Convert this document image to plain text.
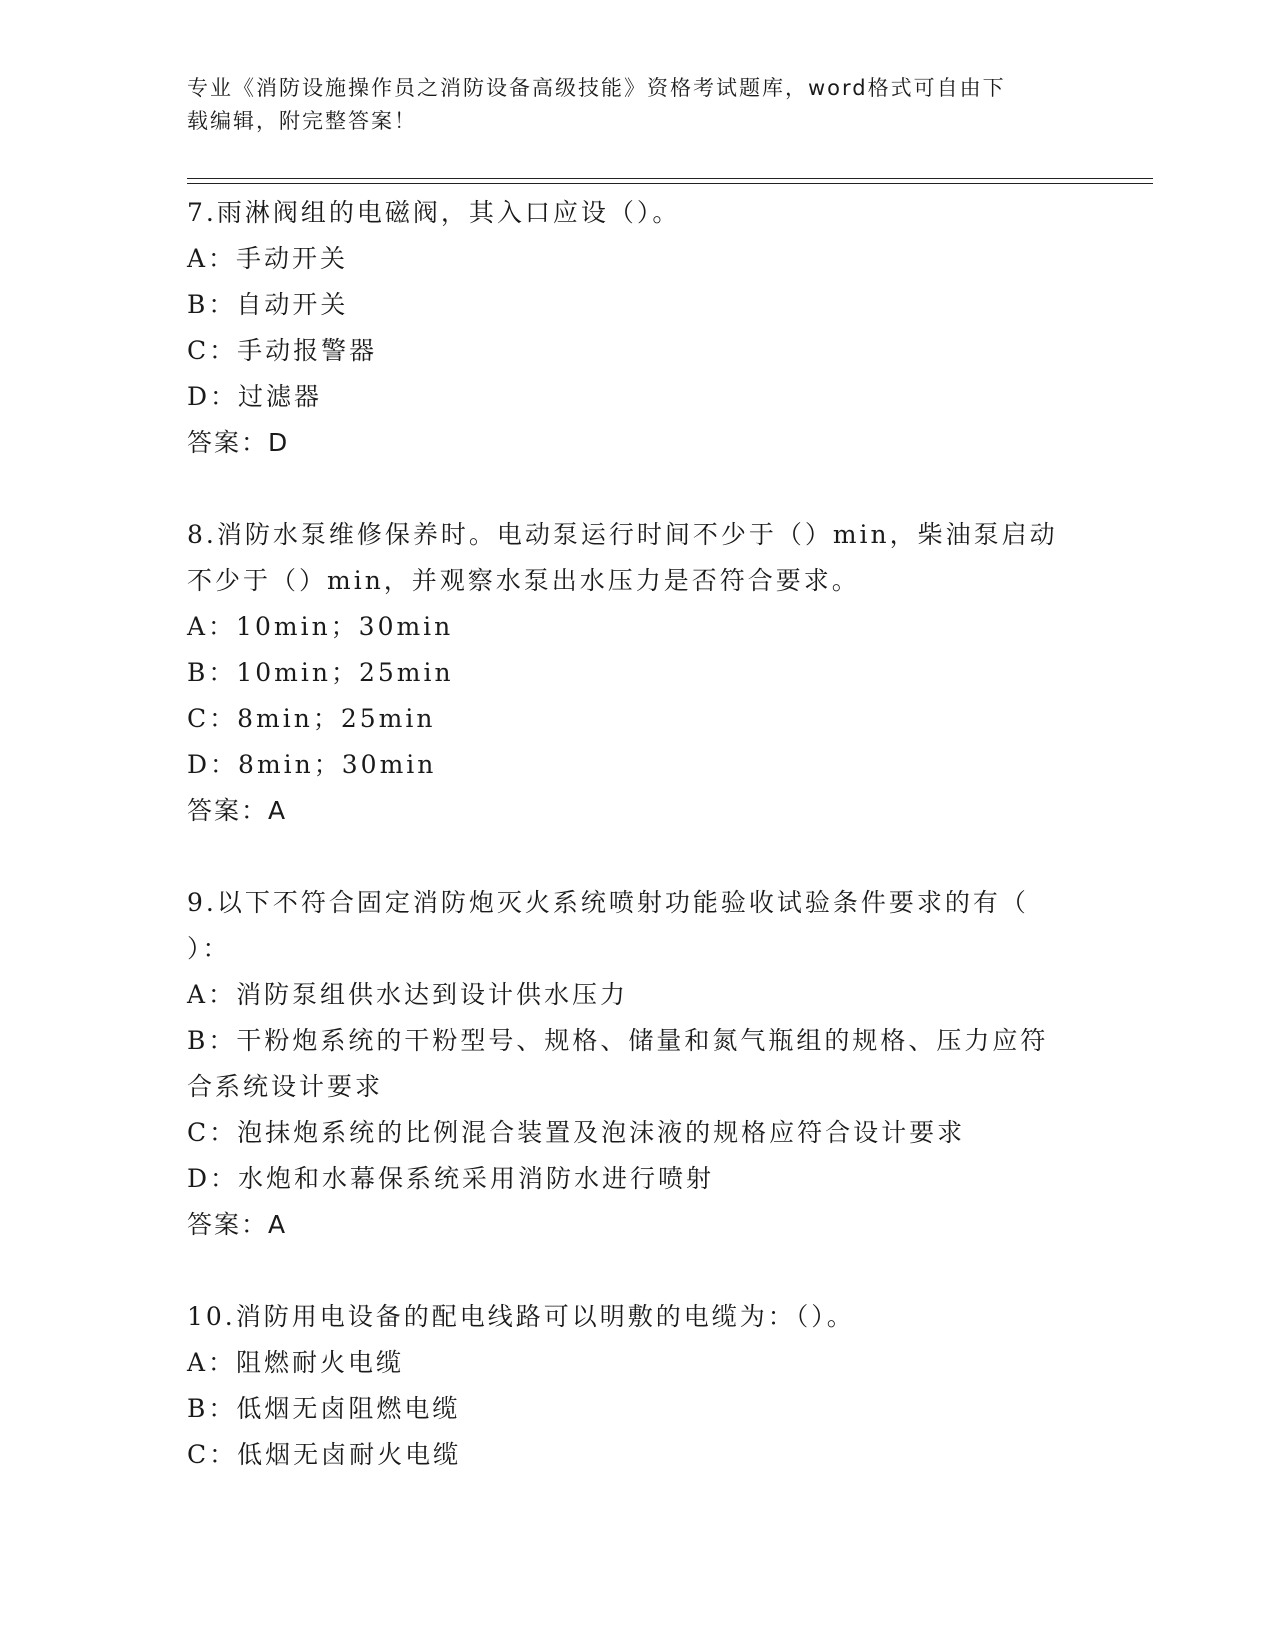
专业《消防设施操作员之消防设备高级技能》资格考试题库，word格式可自由下
载编辑，附完整答案！
7.雨淋阀组的电磁阀，其入口应设（）。
A：手动开关
B：自动开关
C：手动报警器
D：过滤器
答案：D
8.消防水泵维修保养时。电动泵运行时间不少于（）min，柴油泵启动
不少于（）min，并观察水泵出水压力是否符合要求。
A：10min；30min
B：10min；25min
C：8min；25min
D：8min；30min
答案：A
9.以下不符合固定消防炮灭火系统喷射功能验收试验条件要求的有（
）：
A：消防泵组供水达到设计供水压力
B：干粉炮系统的干粉型号、规格、储量和氮气瓶组的规格、压力应符
合系统设计要求
C：泡抹炮系统的比例混合装置及泡沫液的规格应符合设计要求
D：水炮和水幕保系统采用消防水进行喷射
答案：A
10.消防用电设备的配电线路可以明敷的电缆为：（）。
A：阻燃耐火电缆
B：低烟无卤阻燃电缆
C：低烟无卤耐火电缆
